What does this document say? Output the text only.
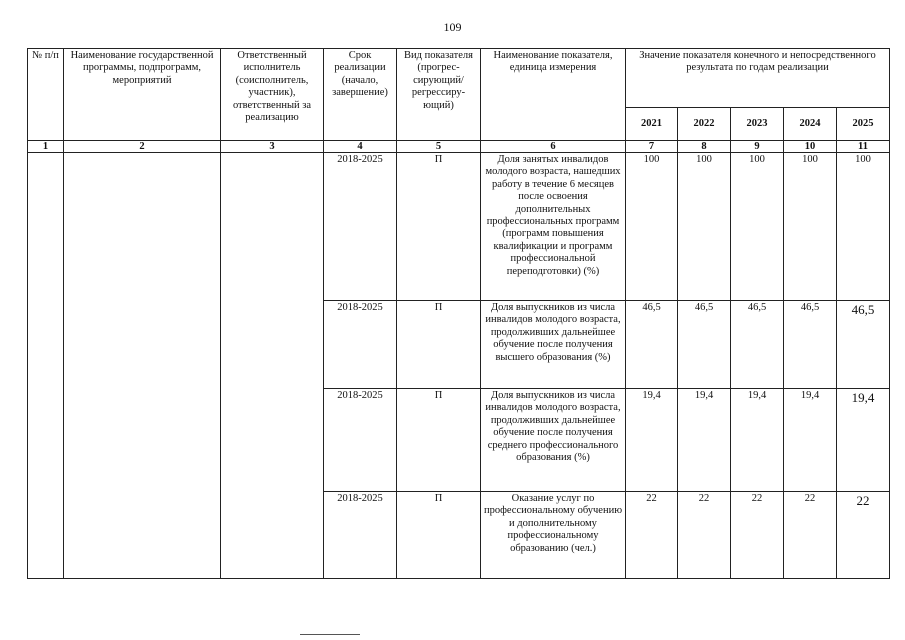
109
№ п/п	Наименование государственной программы, подпрограмм, мероприятий	Ответственный исполнитель (соисполнитель, участник), ответственный за реализацию	Срок реализации (начало, завершение)	Вид показателя (прогрес-сирующий/ регрессиру-ющий)	Наименование показателя, единица измерения	Значение показателя конечного и непосредственного результата по годам реализации				
						2021	2022	2023	2024	2025
1	2	3	4	5	6	7	8	9	10	11
			2018-2025	П	Доля занятых инвалидов молодого возраста, нашедших работу в течение 6 месяцев после освоения дополнительных профессиональных программ (программ повышения квалификации и программ профессиональной переподготовки) (%)	100	100	100	100	100
			2018-2025	П	Доля выпускников из числа инвалидов молодого возраста, продолживших дальнейшее обучение после получения высшего образования (%)	46,5	46,5	46,5	46,5	46,5
			2018-2025	П	Доля выпускников из числа инвалидов молодого возраста, продолживших дальнейшее обучение после получения среднего профессионального образования (%)	19,4	19,4	19,4	19,4	19,4
			2018-2025	П	Оказание услуг по профессиональному обучению и дополнительному профессиональному образованию (чел.)	22	22	22	22	22
